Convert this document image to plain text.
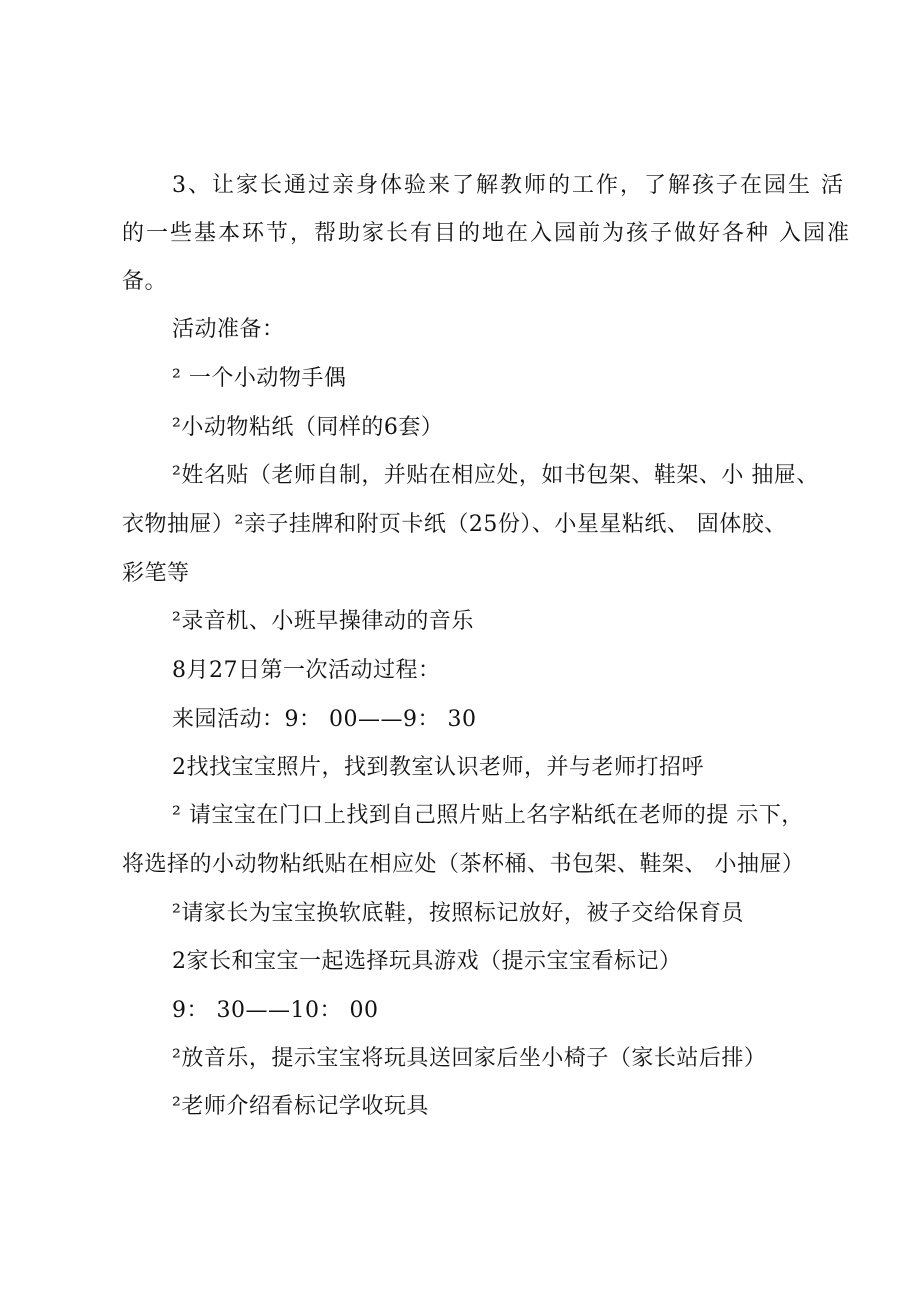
3、让家长通过亲身体验来了解教师的工作，了解孩子在园生 活
的一些基本环节，帮助家长有目的地在入园前为孩子做好各种 入园准
备。
活动准备：
² 一个小动物手偶
²小动物粘纸（同样的6套）
²姓名贴（老师自制，并贴在相应处，如书包架、鞋架、小 抽屉、
衣物抽屉）²亲子挂牌和附页卡纸（25份）、小星星粘纸、 固体胶、
彩笔等
²录音机、小班早操律动的音乐
8月27日第一次活动过程：
来园活动：9： 00——9： 30
2找找宝宝照片，找到教室认识老师，并与老师打招呼
² 请宝宝在门口上找到自己照片贴上名字粘纸在老师的提 示下，
将选择的小动物粘纸贴在相应处（茶杯桶、书包架、鞋架、 小抽屉）
²请家长为宝宝换软底鞋，按照标记放好，被子交给保育员
2家长和宝宝一起选择玩具游戏（提示宝宝看标记）
9： 30——10： 00
²放音乐，提示宝宝将玩具送回家后坐小椅子（家长站后排）
²老师介绍看标记学收玩具
